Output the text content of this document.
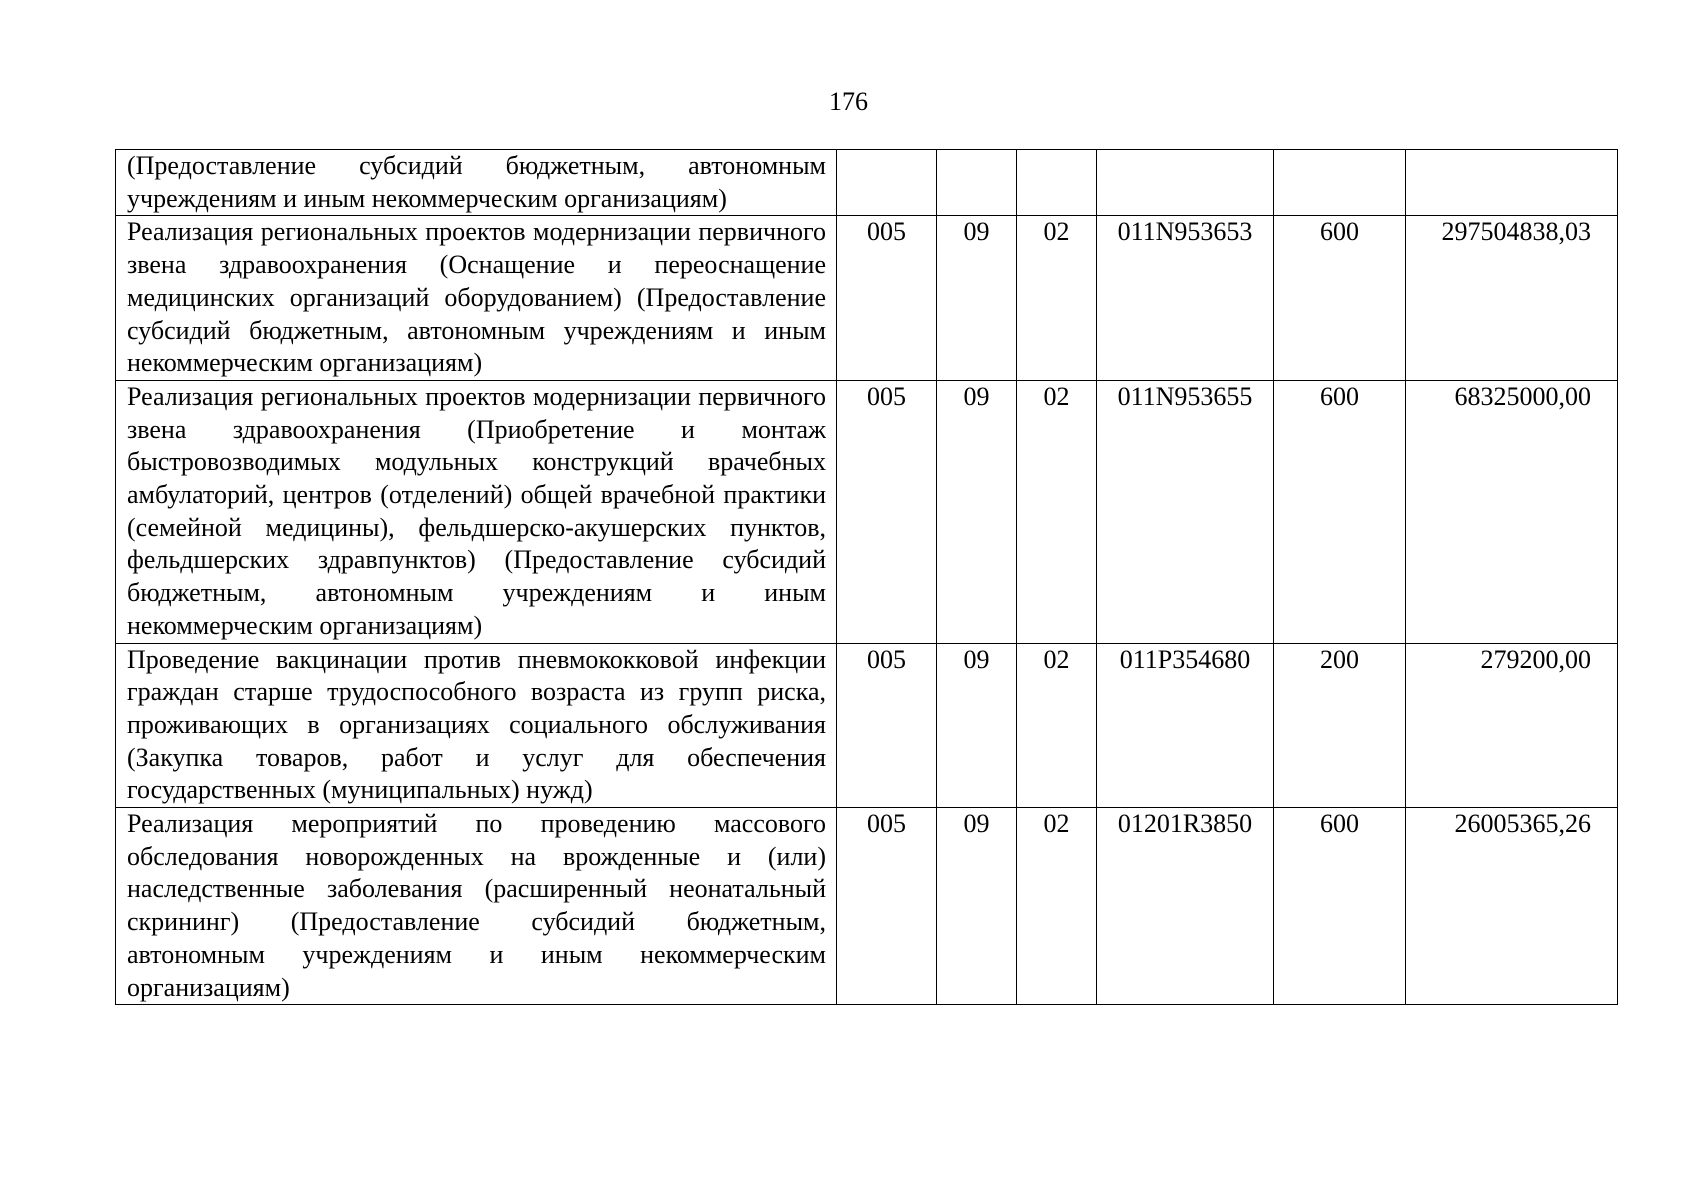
176
(Предоставление субсидий бюджетным, автономным учреждениям и иным некоммерческим организациям)						
Реализация региональных проектов модернизации первичного звена здравоохранения (Оснащение и переоснащение медицинских организаций оборудованием) (Предоставление субсидий бюджетным, автономным учреждениям и иным некоммерческим организациям)	005	09	02	011N953653	600	297504838,03
Реализация региональных проектов модернизации первичного звена здравоохранения (Приобретение и монтаж быстровозводимых модульных конструкций врачебных амбулаторий, центров (отделений) общей врачебной практики (семейной медицины), фельдшерско-акушерских пунктов, фельдшерских здравпунктов) (Предоставление субсидий бюджетным, автономным учреждениям и иным некоммерческим организациям)	005	09	02	011N953655	600	68325000,00
Проведение вакцинации против пневмококковой инфекции граждан старше трудоспособного возраста из групп риска, проживающих в организациях социального обслуживания (Закупка товаров, работ и услуг для обеспечения государственных (муниципальных) нужд)	005	09	02	011P354680	200	279200,00
Реализация мероприятий по проведению массового обследования новорожденных на врожденные и (или) наследственные заболевания (расширенный неонатальный скрининг) (Предоставление субсидий бюджетным, автономным учреждениям и иным некоммерческим организациям)	005	09	02	01201R3850	600	26005365,26
